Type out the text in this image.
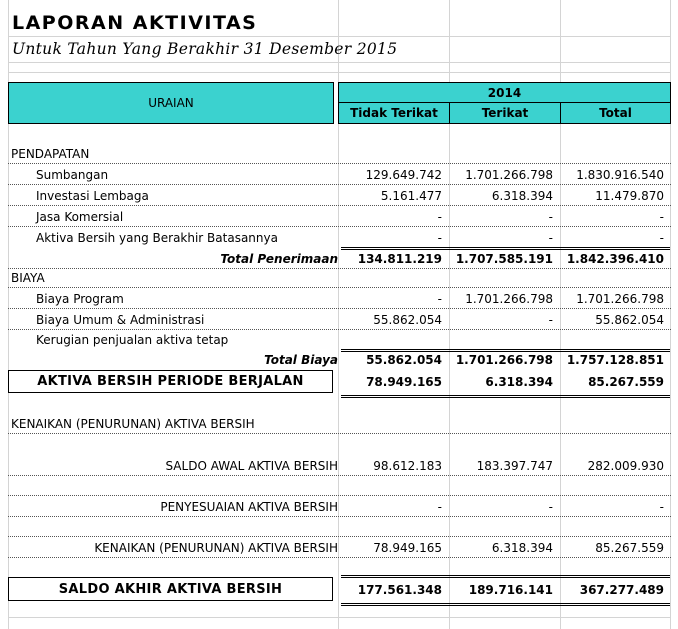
LAPORAN AKTIVITAS
Untuk Tahun Yang Berakhir 31 Desember 2015
URAIAN
2014
Tidak Terikat	Terikat	Total
PENDAPATAN
Sumbangan	129.649.742	1.701.266.798	1.830.916.540
Investasi Lembaga	5.161.477	6.318.394	11.479.870
Jasa Komersial	-	-	-
Aktiva Bersih yang Berakhir Batasannya	-	-	-
Total Penerimaan	134.811.219	1.707.585.191	1.842.396.410
BIAYA
Biaya Program	-	1.701.266.798	1.701.266.798
Biaya Umum & Administrasi	55.862.054	-	55.862.054
Kerugian penjualan aktiva tetap
Total Biaya	55.862.054	1.701.266.798	1.757.128.851
AKTIVA BERSIH PERIODE BERJALAN	78.949.165	6.318.394	85.267.559
KENAIKAN (PENURUNAN) AKTIVA BERSIH
SALDO AWAL AKTIVA BERSIH	98.612.183	183.397.747	282.009.930
PENYESUAIAN AKTIVA BERSIH	-	-	-
KENAIKAN (PENURUNAN) AKTIVA BERSIH	78.949.165	6.318.394	85.267.559
SALDO AKHIR AKTIVA BERSIH	177.561.348	189.716.141	367.277.489
